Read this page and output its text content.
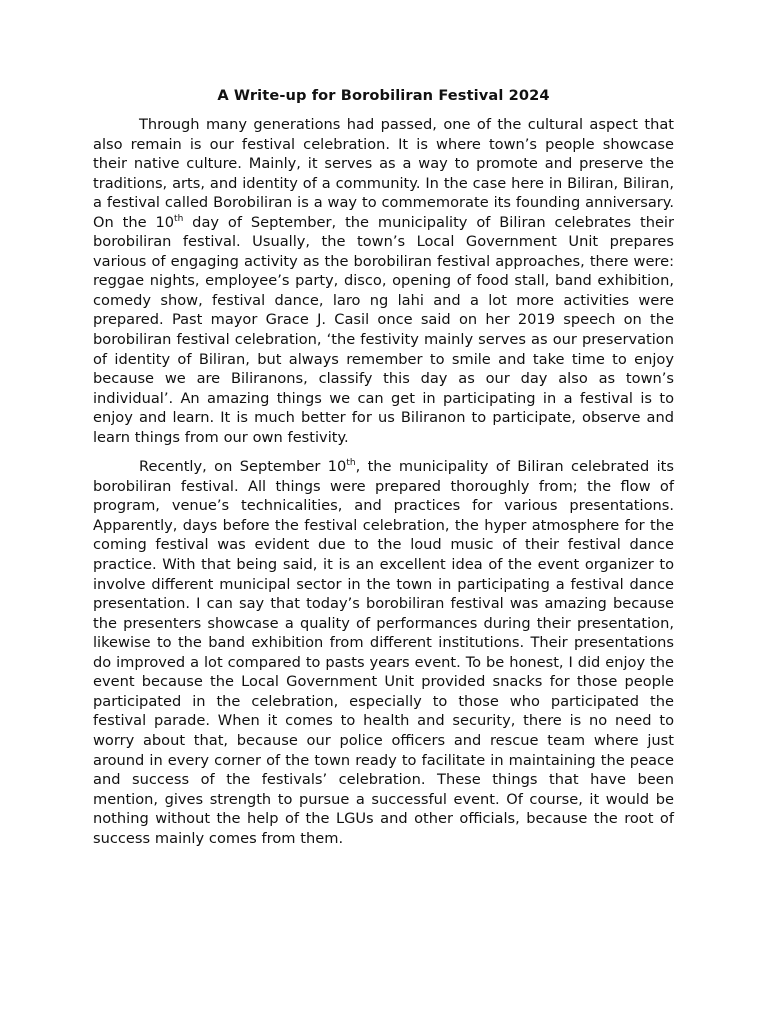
A Write-up for Borobiliran Festival 2024

Through many generations had passed, one of the cultural aspect that also remain is our festival celebration. It is where town’s people showcase their native culture. Mainly, it serves as a way to promote and preserve the traditions, arts, and identity of a community. In the case here in Biliran, Biliran, a festival called Borobiliran is a way to commemorate its founding anniversary. On the 10th day of September, the municipality of Biliran celebrates their borobiliran festival. Usually, the town’s Local Government Unit prepares various of engaging activity as the borobiliran festival approaches, there were: reggae nights, employee’s party, disco, opening of food stall, band exhibition, comedy show, festival dance, laro ng lahi and a lot more activities were prepared. Past mayor Grace J. Casil once said on her 2019 speech on the borobiliran festival celebration, ‘the festivity mainly serves as our preservation of identity of Biliran, but always remember to smile and take time to enjoy because we are Biliranons, classify this day as our day also as town’s individual’. An amazing things we can get in participating in a festival is to enjoy and learn. It is much better for us Biliranon to participate, observe and learn things from our own festivity.

Recently, on September 10th, the municipality of Biliran celebrated its borobiliran festival. All things were prepared thoroughly from; the flow of program, venue’s technicalities, and practices for various presentations. Apparently, days before the festival celebration, the hyper atmosphere for the coming festival was evident due to the loud music of their festival dance practice. With that being said, it is an excellent idea of the event organizer to involve different municipal sector in the town in participating a festival dance presentation. I can say that today’s borobiliran festival was amazing because the presenters showcase a quality of performances during their presentation, likewise to the band exhibition from different institutions. Their presentations do improved a lot compared to pasts years event. To be honest, I did enjoy the event because the Local Government Unit provided snacks for those people participated in the celebration, especially to those who participated the festival parade. When it comes to health and security, there is no need to worry about that, because our police officers and rescue team where just around in every corner of the town ready to facilitate in maintaining the peace and success of the festivals’ celebration. These things that have been mention, gives strength to pursue a successful event. Of course, it would be nothing without the help of the LGUs and other officials, because the root of success mainly comes from them.
